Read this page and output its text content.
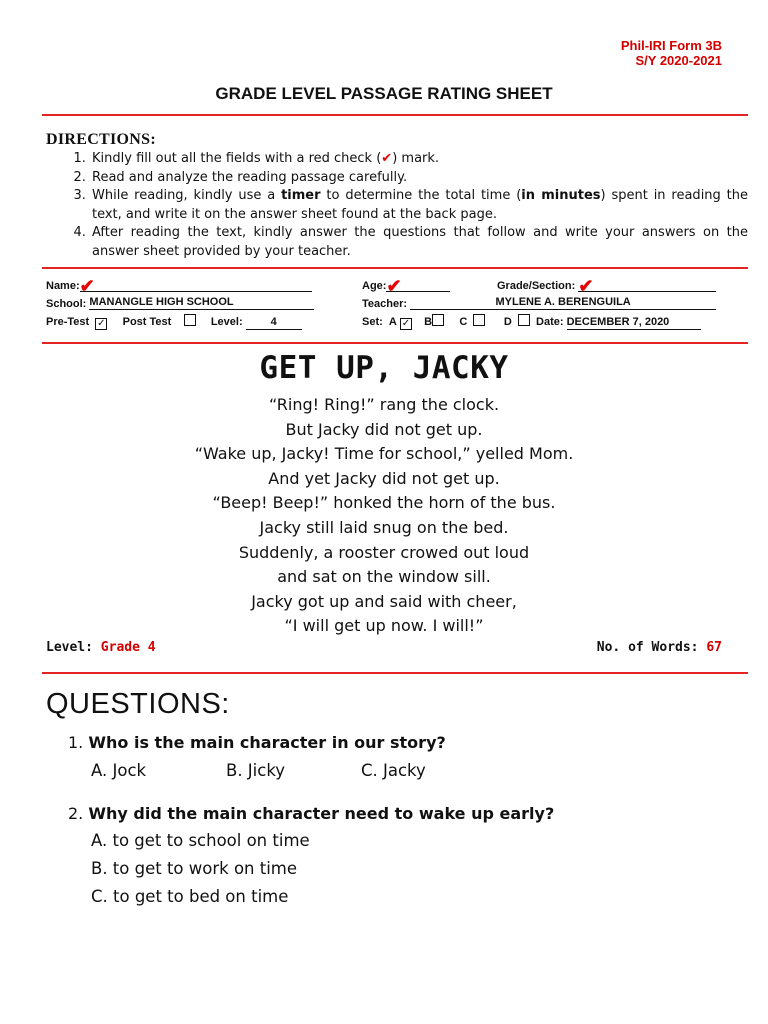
Phil-IRI Form 3B
S/Y 2020-2021
GRADE LEVEL PASSAGE RATING SHEET
DIRECTIONS:
1. Kindly fill out all the fields with a red check (✔) mark.
2. Read and analyze the reading passage carefully.
3. While reading, kindly use a timer to determine the total time (in minutes) spent in reading the text, and write it on the answer sheet found at the back page.
4. After reading the text, kindly answer the questions that follow and write your answers on the answer sheet provided by your teacher.
Name:✔	Age:✔	Grade/Section: ✔
School: MANANGLE HIGH SCHOOL	Teacher:	MYLENE A. BERENGUILA
Pre-Test ✓ Post Test	Level:	4	Set: A ✓ B C	D Date: DECEMBER 7, 2020
GET UP, JACKY
“Ring! Ring!” rang the clock.
But Jacky did not get up.
“Wake up, Jacky! Time for school,” yelled Mom.
And yet Jacky did not get up.
“Beep! Beep!” honked the horn of the bus.
Jacky still laid snug on the bed.
Suddenly, a rooster crowed out loud
and sat on the window sill.
Jacky got up and said with cheer,
“I will get up now. I will!”
Level: Grade 4	No. of Words: 67
QUESTIONS:
1. Who is the main character in our story?
A. Jock	B. Jicky	C. Jacky
2. Why did the main character need to wake up early?
A. to get to school on time
B. to get to work on time
C. to get to bed on time
